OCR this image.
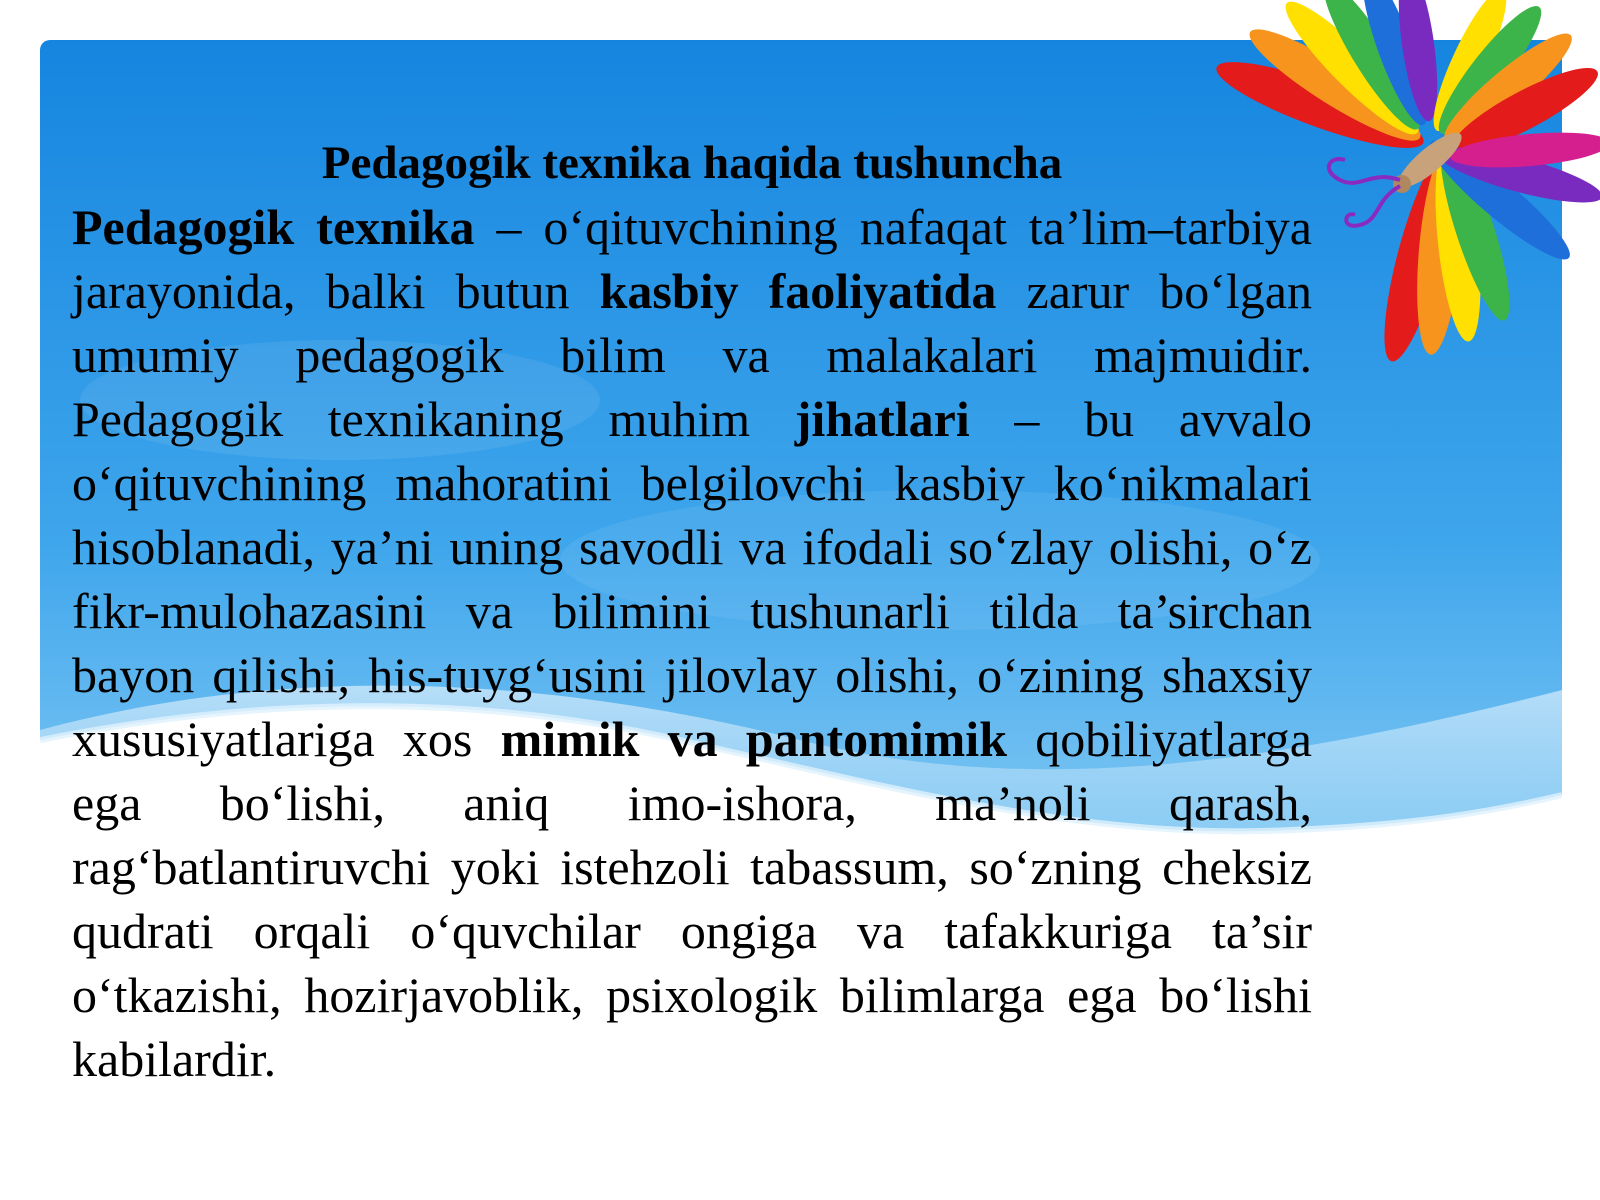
Pedagogik texnika haqida tushuncha

Pedagogik texnika – o‘qituvchining nafaqat ta’lim–tarbiya jarayonida, balki butun kasbiy faoliyatida zarur bo‘lgan umumiy pedagogik bilim va malakalari majmuidir. Pedagogik texnikaning muhim jihatlari – bu avvalo o‘qituvchining mahoratini belgilovchi kasbiy ko‘nikmalari hisoblanadi, ya’ni uning savodli va ifodali so‘zlay olishi, o‘z fikr-mulohazasini va bilimini tushunarli tilda ta’sirchan bayon qilishi, his-tuyg‘usini jilovlay olishi, o‘zining shaxsiy xususiyatlariga xos mimik va pantomimik qobiliyatlarga ega bo‘lishi, aniq imo-ishora, ma’noli qarash, rag‘batlantiruvchi yoki istehzoli tabassum, so‘zning cheksiz qudrati orqali o‘quvchilar ongiga va tafakkuriga ta’sir o‘tkazishi, hozirjavoblik, psixologik bilimlarga ega bo‘lishi kabilardir.
